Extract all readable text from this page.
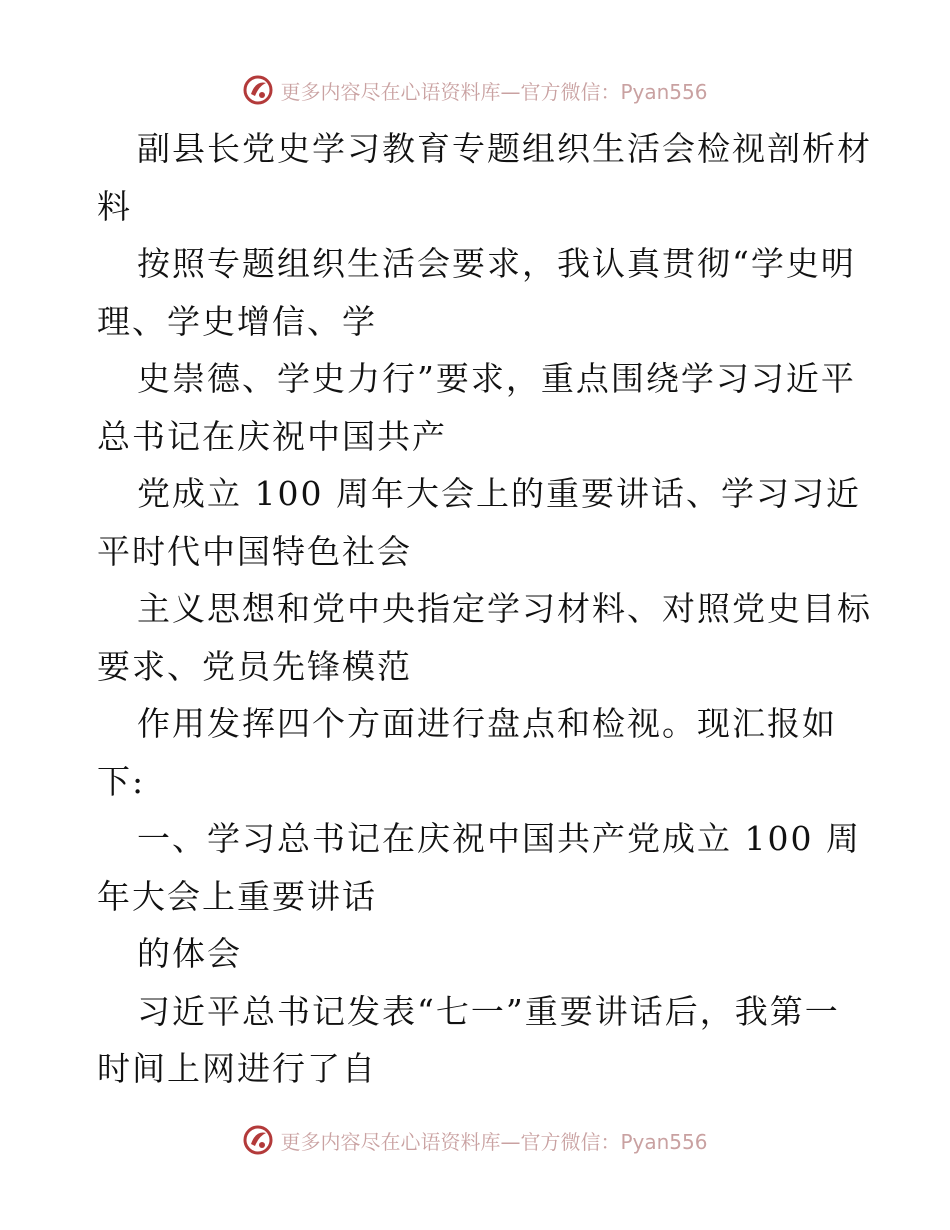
更多内容尽在心语资料库—官方微信：Pyan556

副县长党史学习教育专题组织生活会检视剖析材

料

按照专题组织生活会要求，我认真贯彻“学史明

理、学史增信、学

史崇德、学史力行”要求，重点围绕学习习近平

总书记在庆祝中国共产

党成立 100 周年大会上的重要讲话、学习习近

平时代中国特色社会

主义思想和党中央指定学习材料、对照党史目标

要求、党员先锋模范

作用发挥四个方面进行盘点和检视。现汇报如

下:

一、学习总书记在庆祝中国共产党成立 100 周

年大会上重要讲话

的体会

习近平总书记发表“七一”重要讲话后，我第一

时间上网进行了自

更多内容尽在心语资料库—官方微信：Pyan556
